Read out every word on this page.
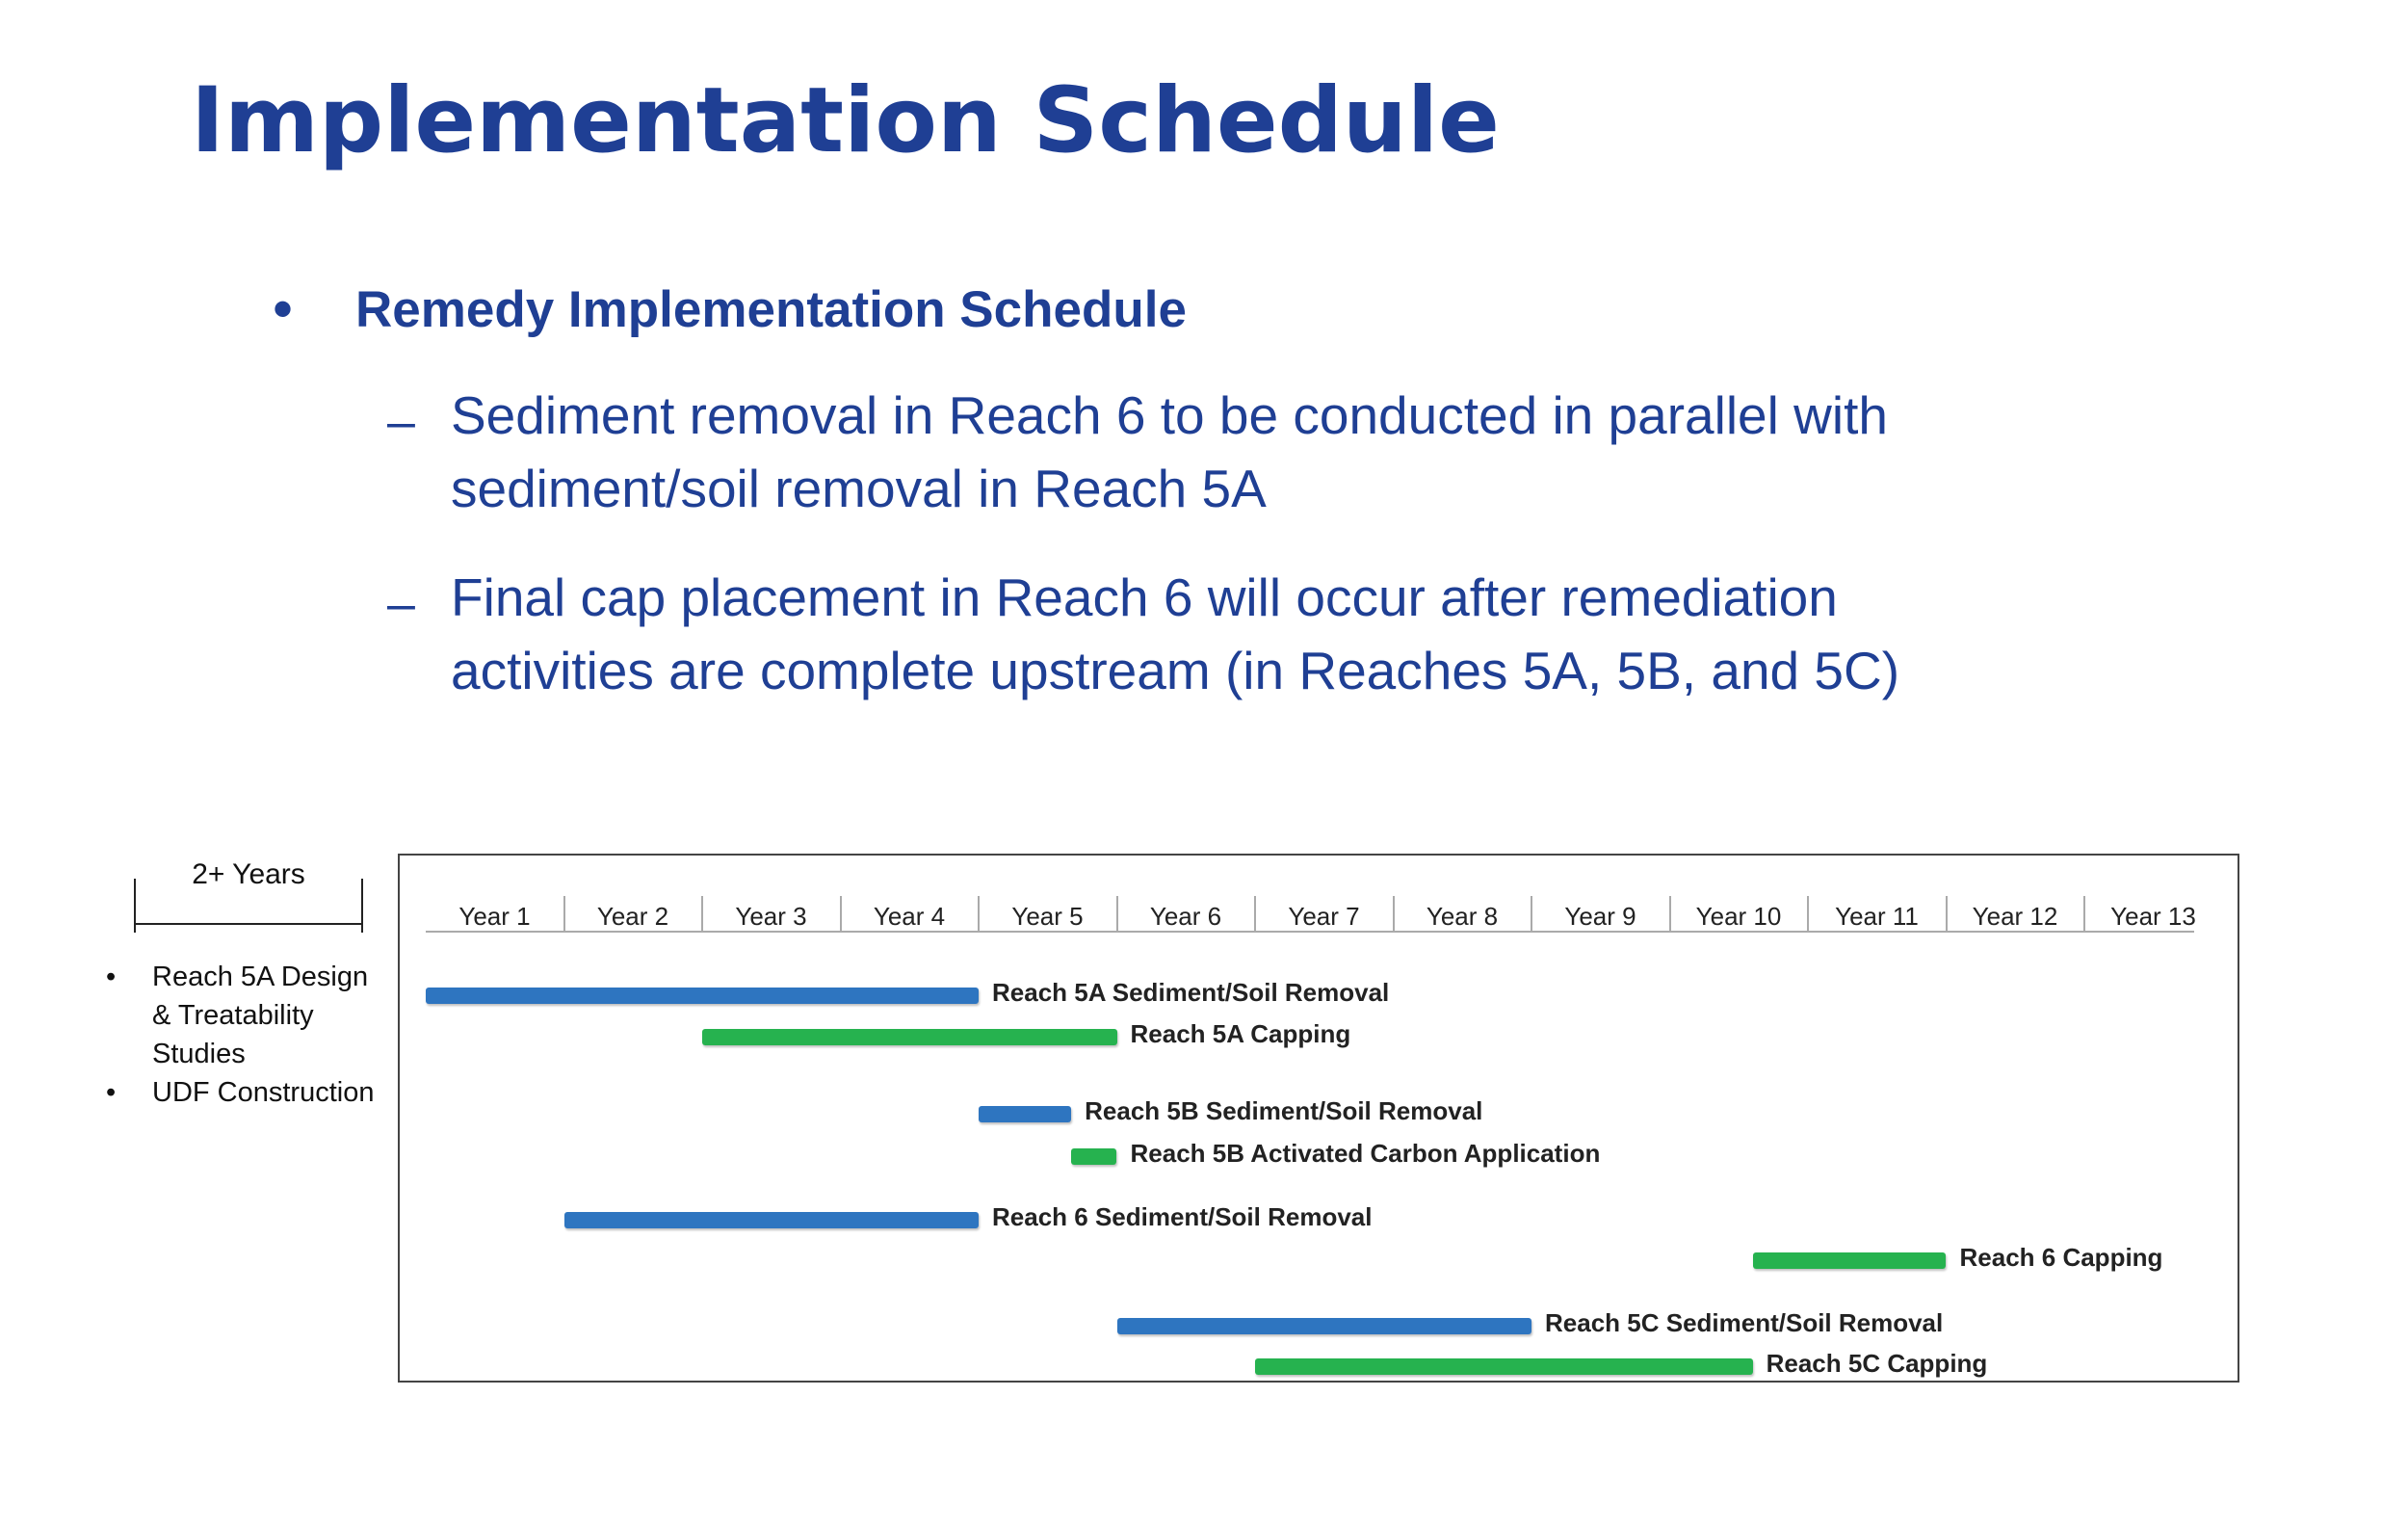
Implementation Schedule
• Remedy Implementation Schedule
– Sediment removal in Reach 6 to be conducted in parallel with
sediment/soil removal in Reach 5A
– Final cap placement in Reach 6 will occur after remediation
activities are complete upstream (in Reaches 5A, 5B, and 5C)
2+ Years
• Reach 5A Design
& Treatability
Studies
• UDF Construction
Year 1	Year 2	Year 3	Year 4	Year 5	Year 6	Year 7	Year 8	Year 9	Year 10	Year 11	Year 12	Year 13
Reach 5A Sediment/Soil Removal
Reach 5A Capping
Reach 5B Sediment/Soil Removal
Reach 5B Activated Carbon Application
Reach 6 Sediment/Soil Removal
Reach 6 Capping
Reach 5C Sediment/Soil Removal
Reach 5C Capping
